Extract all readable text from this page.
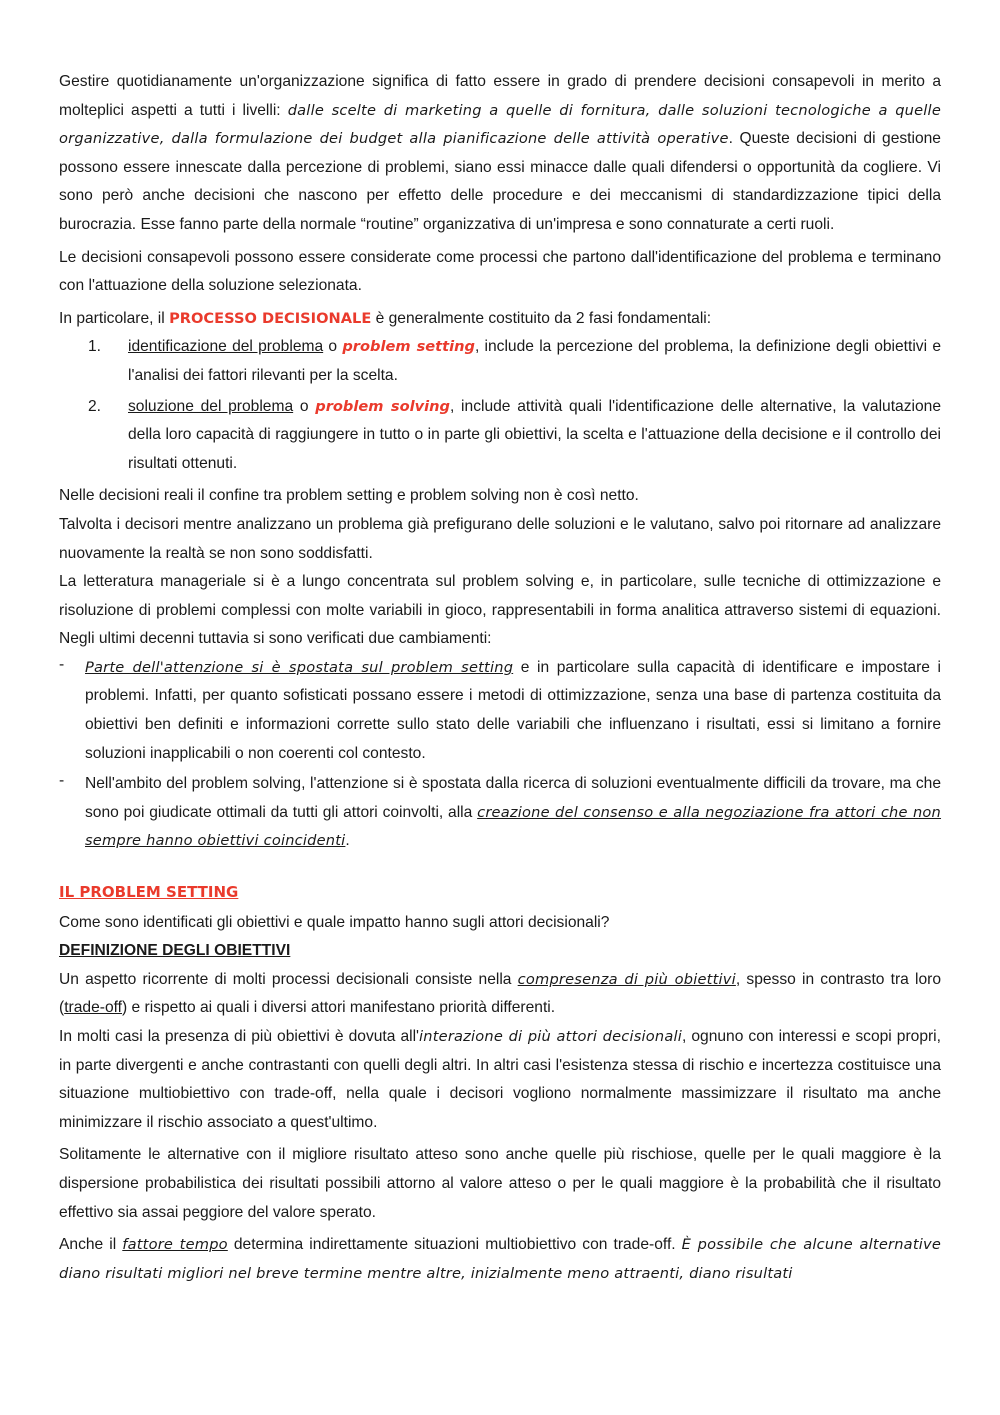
Gestire quotidianamente un'organizzazione significa di fatto essere in grado di prendere decisioni consapevoli in merito a molteplici aspetti a tutti i livelli: dalle scelte di marketing a quelle di fornitura, dalle soluzioni tecnologiche a quelle organizzative, dalla formulazione dei budget alla pianificazione delle attività operative. Queste decisioni di gestione possono essere innescate dalla percezione di problemi, siano essi minacce dalle quali difendersi o opportunità da cogliere. Vi sono però anche decisioni che nascono per effetto delle procedure e dei meccanismi di standardizzazione tipici della burocrazia. Esse fanno parte della normale “routine” organizzativa di un'impresa e sono connaturate a certi ruoli.

Le decisioni consapevoli possono essere considerate come processi che partono dall'identificazione del problema e terminano con l'attuazione della soluzione selezionata.

In particolare, il PROCESSO DECISIONALE è generalmente costituito da 2 fasi fondamentali:

1. identificazione del problema o problem setting, include la percezione del problema, la definizione degli obiettivi e l'analisi dei fattori rilevanti per la scelta.
2. soluzione del problema o problem solving, include attività quali l'identificazione delle alternative, la valutazione della loro capacità di raggiungere in tutto o in parte gli obiettivi, la scelta e l'attuazione della decisione e il controllo dei risultati ottenuti.

Nelle decisioni reali il confine tra problem setting e problem solving non è così netto.

Talvolta i decisori mentre analizzano un problema già prefigurano delle soluzioni e le valutano, salvo poi ritornare ad analizzare nuovamente la realtà se non sono soddisfatti.

La letteratura manageriale si è a lungo concentrata sul problem solving e, in particolare, sulle tecniche di ottimizzazione e risoluzione di problemi complessi con molte variabili in gioco, rappresentabili in forma analitica attraverso sistemi di equazioni. Negli ultimi decenni tuttavia si sono verificati due cambiamenti:

- Parte dell'attenzione si è spostata sul problem setting e in particolare sulla capacità di identificare e impostare i problemi. Infatti, per quanto sofisticati possano essere i metodi di ottimizzazione, senza una base di partenza costituita da obiettivi ben definiti e informazioni corrette sullo stato delle variabili che influenzano i risultati, essi si limitano a fornire soluzioni inapplicabili o non coerenti col contesto.
- Nell'ambito del problem solving, l'attenzione si è spostata dalla ricerca di soluzioni eventualmente difficili da trovare, ma che sono poi giudicate ottimali da tutti gli attori coinvolti, alla creazione del consenso e alla negoziazione fra attori che non sempre hanno obiettivi coincidenti.
IL PROBLEM SETTING

Come sono identificati gli obiettivi e quale impatto hanno sugli attori decisionali?

DEFINIZIONE DEGLI OBIETTIVI

Un aspetto ricorrente di molti processi decisionali consiste nella compresenza di più obiettivi, spesso in contrasto tra loro (trade-off) e rispetto ai quali i diversi attori manifestano priorità differenti.

In molti casi la presenza di più obiettivi è dovuta all'interazione di più attori decisionali, ognuno con interessi e scopi propri, in parte divergenti e anche contrastanti con quelli degli altri. In altri casi l'esistenza stessa di rischio e incertezza costituisce una situazione multiobiettivo con trade-off, nella quale i decisori vogliono normalmente massimizzare il risultato ma anche minimizzare il rischio associato a quest'ultimo.

Solitamente le alternative con il migliore risultato atteso sono anche quelle più rischiose, quelle per le quali maggiore è la dispersione probabilistica dei risultati possibili attorno al valore atteso o per le quali maggiore è la probabilità che il risultato effettivo sia assai peggiore del valore sperato.

Anche il fattore tempo determina indirettamente situazioni multiobiettivo con trade-off. È possibile che alcune alternative diano risultati migliori nel breve termine mentre altre, inizialmente meno attraenti, diano risultati
